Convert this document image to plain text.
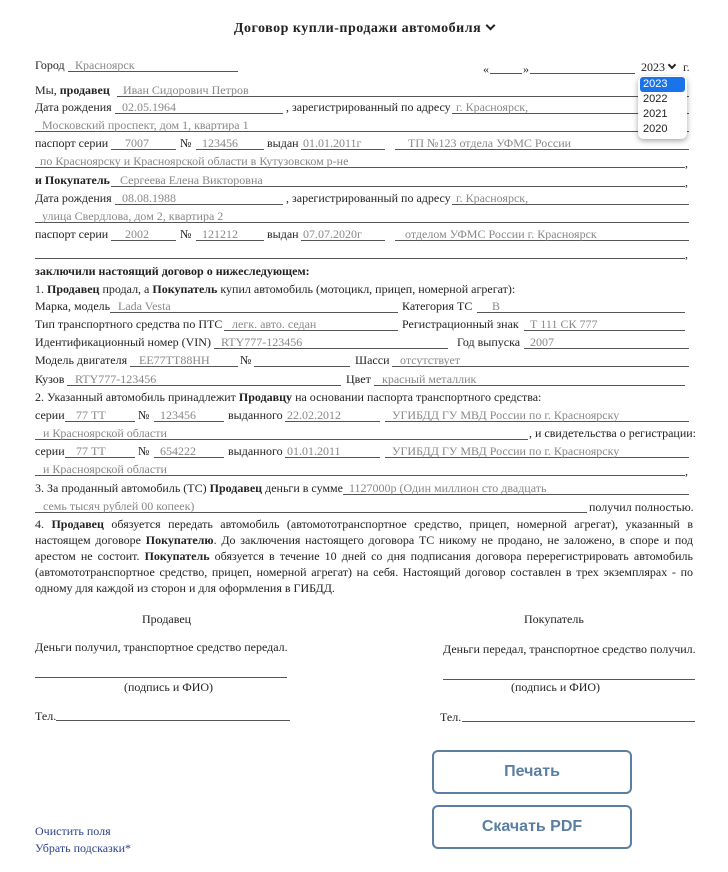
Договор купли-продажи автомобиля
Город Красноярск	«	»	2023	г.
Мы, продавец Иван Сидорович Петров
Дата рождения 02.05.1964	, зарегистрированный по адресу г. Красноярск,
Московский проспект, дом 1, квартира 1
паспорт серии 7007	№ 123456 выдан 01.01.2011г	ТП №123 отдела УФМС России
по Красноярску и Красноярской области в Кутузовском р-не	,
и Покупатель Сергеева Елена Викторовна	,
Дата рождения 08.08.1988	, зарегистрированный по адресу г. Красноярск,
улица Свердлова, дом 2, квартира 2
паспорт серии 2002	№ 121212 выдан 07.07.2020г	отделом УФМС России г. Красноярск
,
заключили настоящий договор о нижеследующем:
1. Продавец продал, а Покупатель купил автомобиль (мотоцикл, прицеп, номерной агрегат):
Марка, модель Lada Vesta	Категория ТС B
Тип транспортного средства по ПТС легк. авто. седан	Регистрационный знак Т 111 СК 777
Идентификационный номер (VIN) RTY777-123456	Год выпуска 2007
Модель двигателя ЕЕ77ТТ88НН	№	Шасси отсутствует
Кузов RTY777-123456	Цвет красный металлик
2. Указанный автомобиль принадлежит Продавцу на основании паспорта транспортного средства:
серии 77 ТТ	№ 123456	выданного 22.02.2012	УГИБДД ГУ МВД России по г. Красноярску
и Красноярской области	, и свидетельства о регистрации:
серии 77 ТТ	№ 654222	выданного 01.01.2011	УГИБДД ГУ МВД России по г. Красноярску
и Красноярской области	,
3. За проданный автомобиль (ТС) Продавец деньги в сумме 1127000р (Один миллион сто двадцать
семь тысяч рублей 00 копеек)	получил полностью.
4. Продавец обязуется передать автомобиль (автомототранспортное средство, прицеп, номерной агрегат), указанный в настоящем договоре Покупателю. До заключения настоящего договора ТС никому не продано, не заложено, в споре и под арестом не состоит. Покупатель обязуется в течение 10 дней со дня подписания договора перерегистрировать автомобиль (автомототранспортное средство, прицеп, номерной агрегат) на себя. Настоящий договор составлен в трех экземплярах - по одному для каждой из сторон и для оформления в ГИБДД.
Продавец	Покупатель
Деньги получил, транспортное средство передал.	Деньги передал, транспортное средство получил.
(подпись и ФИО)	(подпись и ФИО)
Тел.	Тел.
Печать
Скачать PDF
Очистить поля
Убрать подсказки*
2023
2022
2021
2020
